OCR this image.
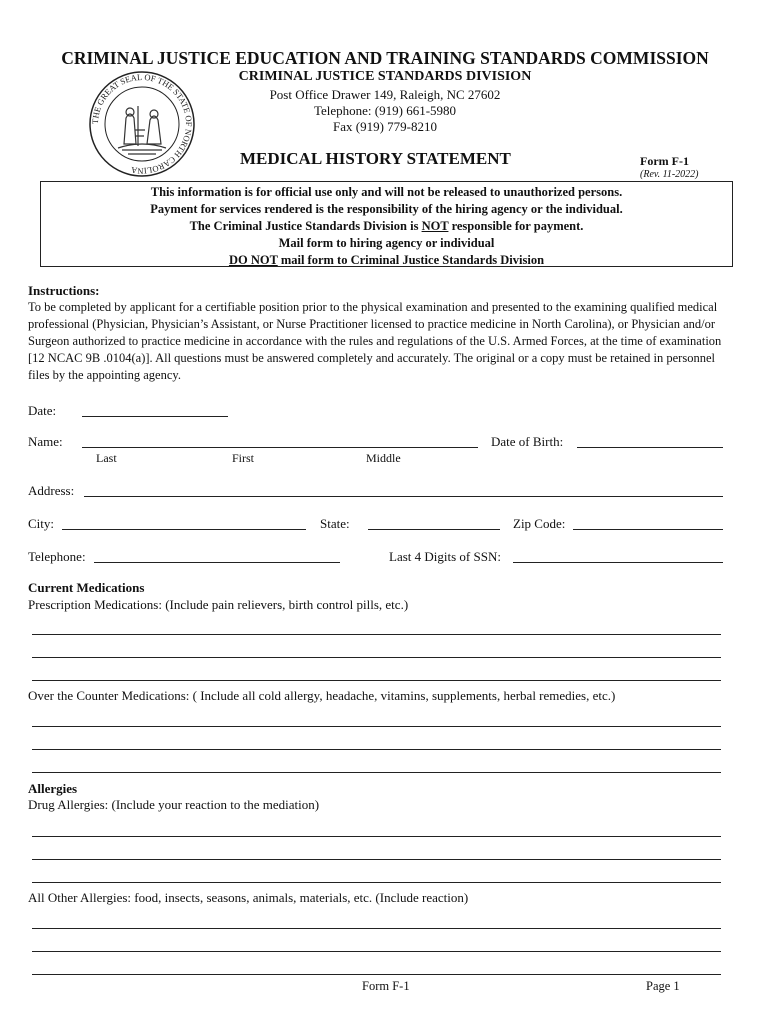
THE GREAT SEAL OF THE STATE OF NORTH CAROLINA
CRIMINAL JUSTICE EDUCATION AND TRAINING STANDARDS COMMISSION
CRIMINAL JUSTICE STANDARDS DIVISION
Post Office Drawer 149, Raleigh, NC 27602
Telephone: (919) 661-5980
Fax (919) 779-8210
MEDICAL HISTORY STATEMENT	Form F-1
(Rev. 11-2022)
This information is for official use only and will not be released to unauthorized persons.
Payment for services rendered is the responsibility of the hiring agency or the individual.
The Criminal Justice Standards Division is NOT responsible for payment.
Mail form to hiring agency or individual
DO NOT mail form to Criminal Justice Standards Division
Instructions:
To be completed by applicant for a certifiable position prior to the physical examination and presented to the examining qualified medical professional (Physician, Physician’s Assistant, or Nurse Practitioner licensed to practice medicine in North Carolina), or Physician and/or Surgeon authorized to practice medicine in accordance with the rules and regulations of the U.S. Armed Forces, at the time of examination [12 NCAC 9B .0104(a)]. All questions must be answered completely and accurately. The original or a copy must be retained in personnel files by the appointing agency.
Date:
Name:	Date of Birth:
Last	First	Middle
Address:
City:	State:	Zip Code:
Telephone:	Last 4 Digits of SSN:
Current Medications
Prescription Medications: (Include pain relievers, birth control pills, etc.)
Over the Counter Medications: ( Include all cold allergy, headache, vitamins, supplements, herbal remedies, etc.)
Allergies
Drug Allergies: (Include your reaction to the mediation)
All Other Allergies: food, insects, seasons, animals, materials, etc. (Include reaction)
Form F-1	Page 1
